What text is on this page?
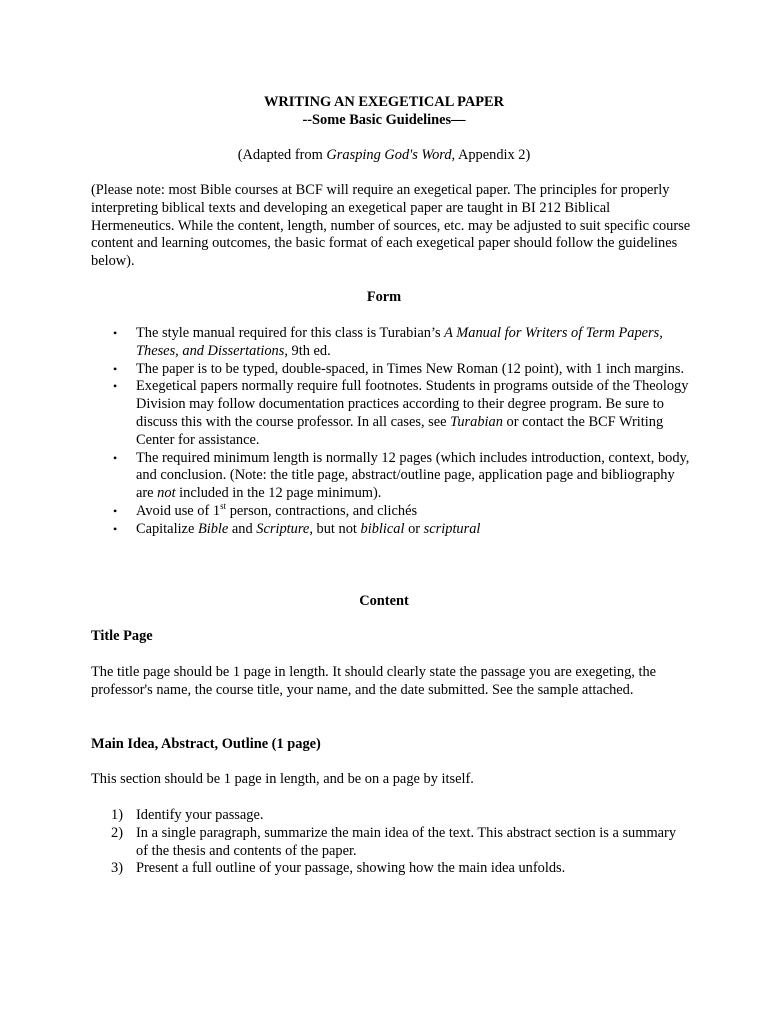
WRITING AN EXEGETICAL PAPER
--Some Basic Guidelines—
(Adapted from Grasping God's Word, Appendix 2)

(Please note: most Bible courses at BCF will require an exegetical paper. The principles for properly interpreting biblical texts and developing an exegetical paper are taught in BI 212 Biblical Hermeneutics. While the content, length, number of sources, etc. may be adjusted to suit specific course content and learning outcomes, the basic format of each exegetical paper should follow the guidelines below).

Form
• The style manual required for this class is Turabian’s A Manual for Writers of Term Papers, Theses, and Dissertations, 9th ed.
• The paper is to be typed, double-spaced, in Times New Roman (12 point), with 1 inch margins.
• Exegetical papers normally require full footnotes. Students in programs outside of the Theology Division may follow documentation practices according to their degree program. Be sure to discuss this with the course professor. In all cases, see Turabian or contact the BCF Writing Center for assistance.
• The required minimum length is normally 12 pages (which includes introduction, context, body, and conclusion. (Note: the title page, abstract/outline page, application page and bibliography are not included in the 12 page minimum).
• Avoid use of 1st person, contractions, and clichés
• Capitalize Bible and Scripture, but not biblical or scriptural
Content
Title Page

The title page should be 1 page in length. It should clearly state the passage you are exegeting, the professor's name, the course title, your name, and the date submitted. See the sample attached.

Main Idea, Abstract, Outline (1 page)

This section should be 1 page in length, and be on a page by itself.

1) Identify your passage.
2) In a single paragraph, summarize the main idea of the text. This abstract section is a summary of the thesis and contents of the paper.
3) Present a full outline of your passage, showing how the main idea unfolds.
